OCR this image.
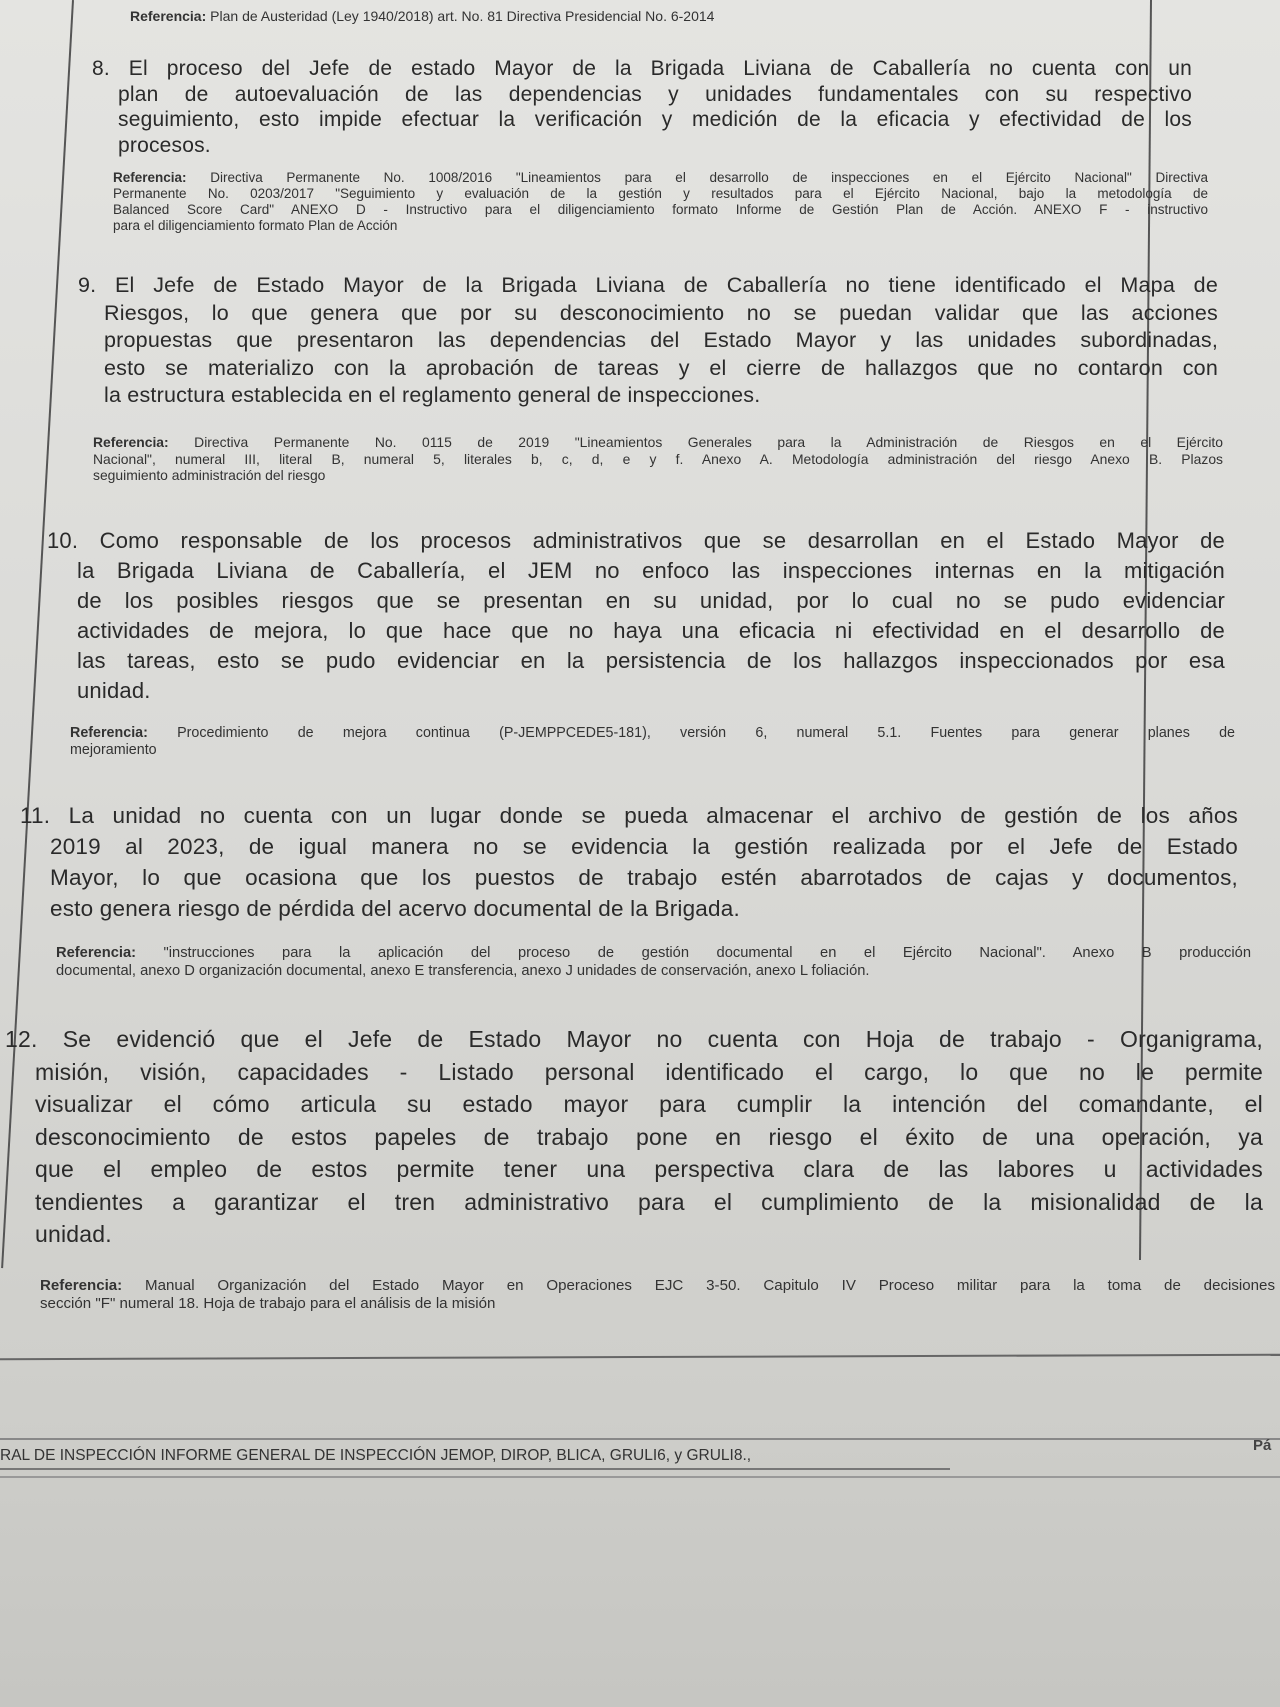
Referencia: Plan de Austeridad (Ley 1940/2018) art. No. 81 Directiva Presidencial No. 6-2014
8. El proceso del Jefe de estado Mayor de la Brigada Liviana de Caballería no cuenta con un
plan de autoevaluación de las dependencias y unidades fundamentales con su respectivo
seguimiento, esto impide efectuar la verificación y medición de la eficacia y efectividad de los
procesos.
Referencia: Directiva Permanente No. 1008/2016 "Lineamientos para el desarrollo de inspecciones en el Ejército Nacional" Directiva
Permanente No. 0203/2017 "Seguimiento y evaluación de la gestión y resultados para el Ejército Nacional, bajo la metodología de
Balanced Score Card" ANEXO D - Instructivo para el diligenciamiento formato Informe de Gestión Plan de Acción. ANEXO F - instructivo
para el diligenciamiento formato Plan de Acción
9. El Jefe de Estado Mayor de la Brigada Liviana de Caballería no tiene identificado el Mapa de
Riesgos, lo que genera que por su desconocimiento no se puedan validar que las acciones
propuestas que presentaron las dependencias del Estado Mayor y las unidades subordinadas,
esto se materializo con la aprobación de tareas y el cierre de hallazgos que no contaron con
la estructura establecida en el reglamento general de inspecciones.
Referencia: Directiva Permanente No. 0115 de 2019 "Lineamientos Generales para la Administración de Riesgos en el Ejército
Nacional", numeral III, literal B, numeral 5, literales b, c, d, e y f. Anexo A. Metodología administración del riesgo Anexo B. Plazos
seguimiento administración del riesgo
10. Como responsable de los procesos administrativos que se desarrollan en el Estado Mayor de
la Brigada Liviana de Caballería, el JEM no enfoco las inspecciones internas en la mitigación
de los posibles riesgos que se presentan en su unidad, por lo cual no se pudo evidenciar
actividades de mejora, lo que hace que no haya una eficacia ni efectividad en el desarrollo de
las tareas, esto se pudo evidenciar en la persistencia de los hallazgos inspeccionados por esa
unidad.
Referencia: Procedimiento de mejora continua (P-JEMPPCEDE5-181), versión 6, numeral 5.1. Fuentes para generar planes de
mejoramiento
11. La unidad no cuenta con un lugar donde se pueda almacenar el archivo de gestión de los años
2019 al 2023, de igual manera no se evidencia la gestión realizada por el Jefe de Estado
Mayor, lo que ocasiona que los puestos de trabajo estén abarrotados de cajas y documentos,
esto genera riesgo de pérdida del acervo documental de la Brigada.
Referencia: "instrucciones para la aplicación del proceso de gestión documental en el Ejército Nacional". Anexo B producción
documental, anexo D organización documental, anexo E transferencia, anexo J unidades de conservación, anexo L foliación.
12. Se evidenció que el Jefe de Estado Mayor no cuenta con Hoja de trabajo - Organigrama,
misión, visión, capacidades - Listado personal identificado el cargo, lo que no le permite
visualizar el cómo articula su estado mayor para cumplir la intención del comandante, el
desconocimiento de estos papeles de trabajo pone en riesgo el éxito de una operación, ya
que el empleo de estos permite tener una perspectiva clara de las labores u actividades
tendientes a garantizar el tren administrativo para el cumplimiento de la misionalidad de la
unidad.
Referencia: Manual Organización del Estado Mayor en Operaciones EJC 3-50. Capitulo IV Proceso militar para la toma de decisiones
sección "F" numeral 18. Hoja de trabajo para el análisis de la misión
RAL DE INSPECCIÓN INFORME GENERAL DE INSPECCIÓN JEMOP, DIROP, BLICA, GRULI6, y GRULI8.,
Pá
